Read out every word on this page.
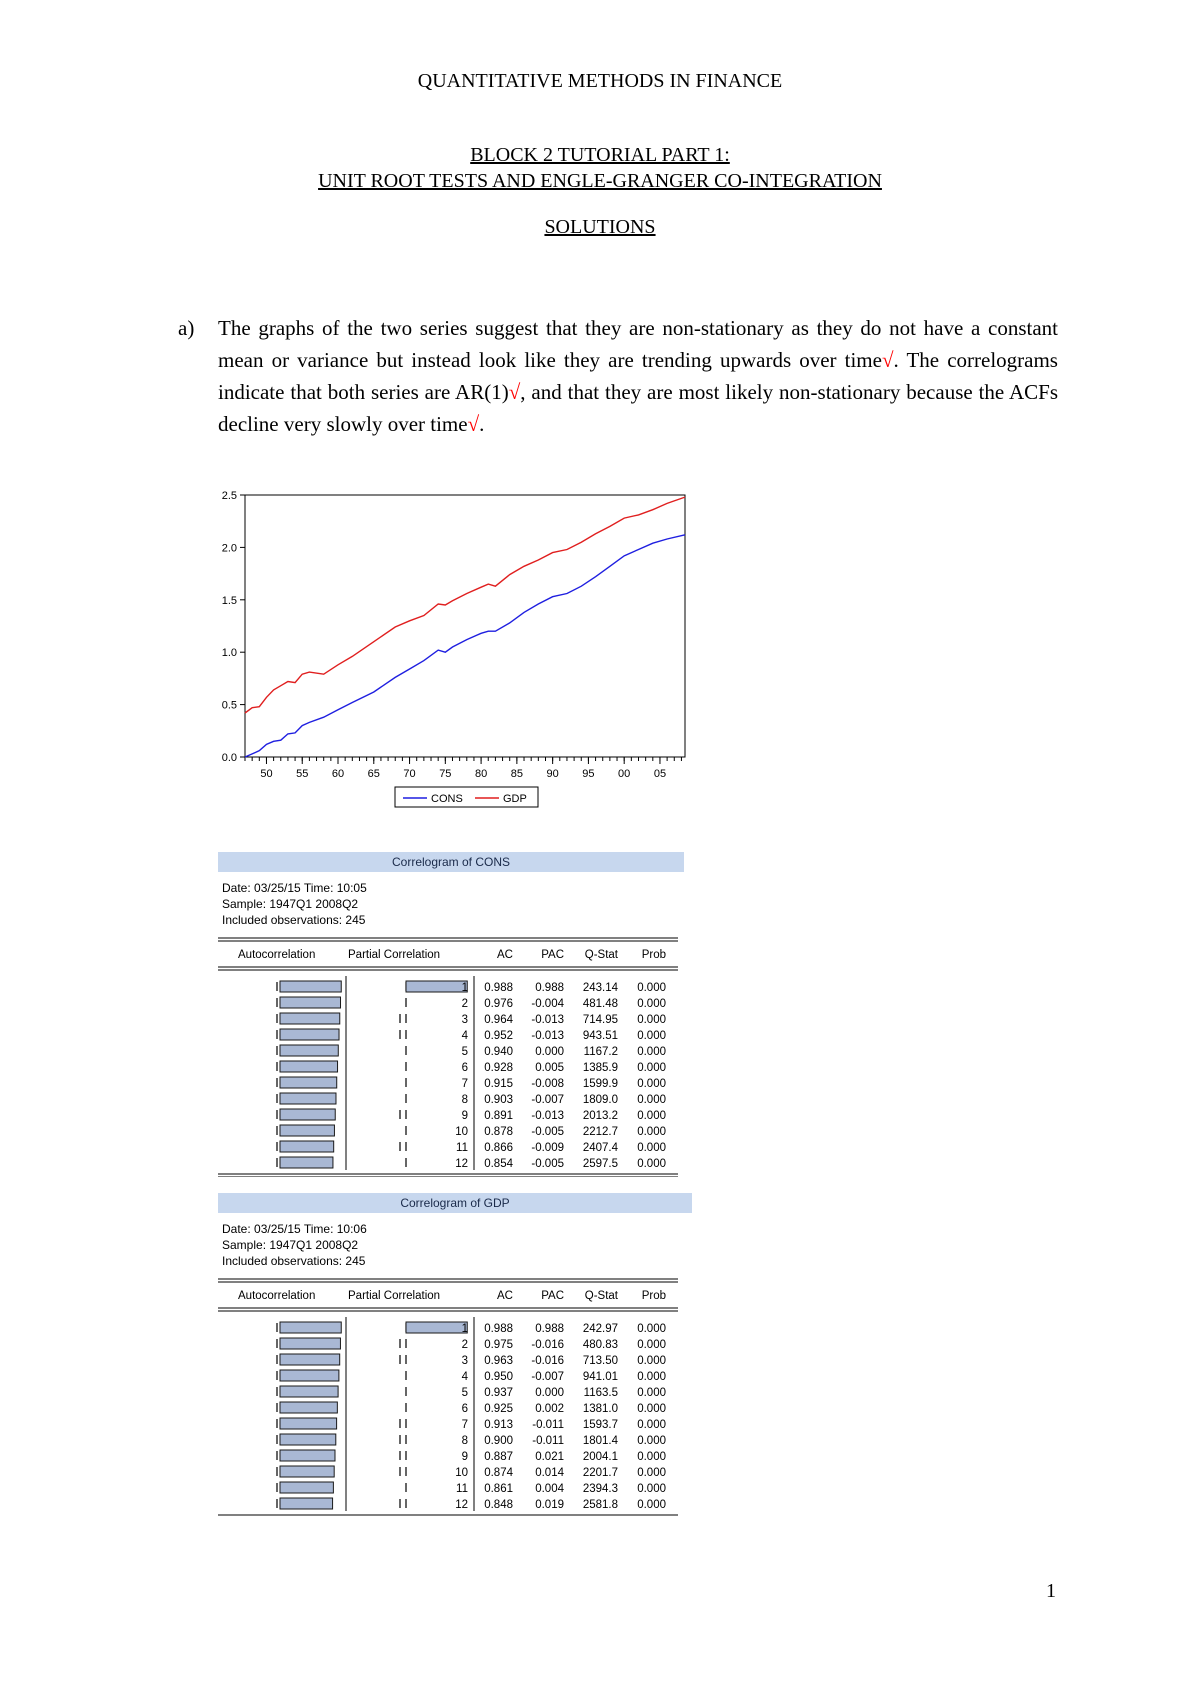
QUANTITATIVE METHODS IN FINANCE
BLOCK 2 TUTORIAL PART 1:
UNIT ROOT TESTS AND ENGLE-GRANGER CO-INTEGRATION
SOLUTIONS
a) The graphs of the two series suggest that they are non-stationary as they do not have a constant mean or variance but instead look like they are trending upwards over time√. The correlograms indicate that both series are AR(1)√, and that they are most likely non-stationary because the ACFs decline very slowly over time√.
0.0
0.5
1.0
1.5
2.0
2.5
50 55 60 65 70 75 80 85 90 95 00 05
CONS	GDP
Correlogram of CONS
Date: 03/25/15 Time: 10:05
Sample: 1947Q1 2008Q2
Included observations: 245
Autocorrelation	Partial Correlation	AC PAC Q-Stat Prob
1 0.988 0.988 243.14 0.000
2 0.976 -0.004 481.48 0.000
3 0.964 -0.013 714.95 0.000
4 0.952 -0.013 943.51 0.000
5 0.940 0.000 1167.2 0.000
6 0.928 0.005 1385.9 0.000
7 0.915 -0.008 1599.9 0.000
8 0.903 -0.007 1809.0 0.000
9 0.891 -0.013 2013.2 0.000
10 0.878 -0.005 2212.7 0.000
11 0.866 -0.009 2407.4 0.000
12 0.854 -0.005 2597.5 0.000
Correlogram of GDP
Date: 03/25/15 Time: 10:06
Sample: 1947Q1 2008Q2
Included observations: 245
Autocorrelation	Partial Correlation	AC PAC Q-Stat Prob
1 0.988 0.988 242.97 0.000
2 0.975 -0.016 480.83 0.000
3 0.963 -0.016 713.50 0.000
4 0.950 -0.007 941.01 0.000
5 0.937 0.000 1163.5 0.000
6 0.925 0.002 1381.0 0.000
7 0.913 -0.011 1593.7 0.000
8 0.900 -0.011 1801.4 0.000
9 0.887 0.021 2004.1 0.000
10 0.874 0.014 2201.7 0.000
11 0.861 0.004 2394.3 0.000
12 0.848 0.019 2581.8 0.000
1
